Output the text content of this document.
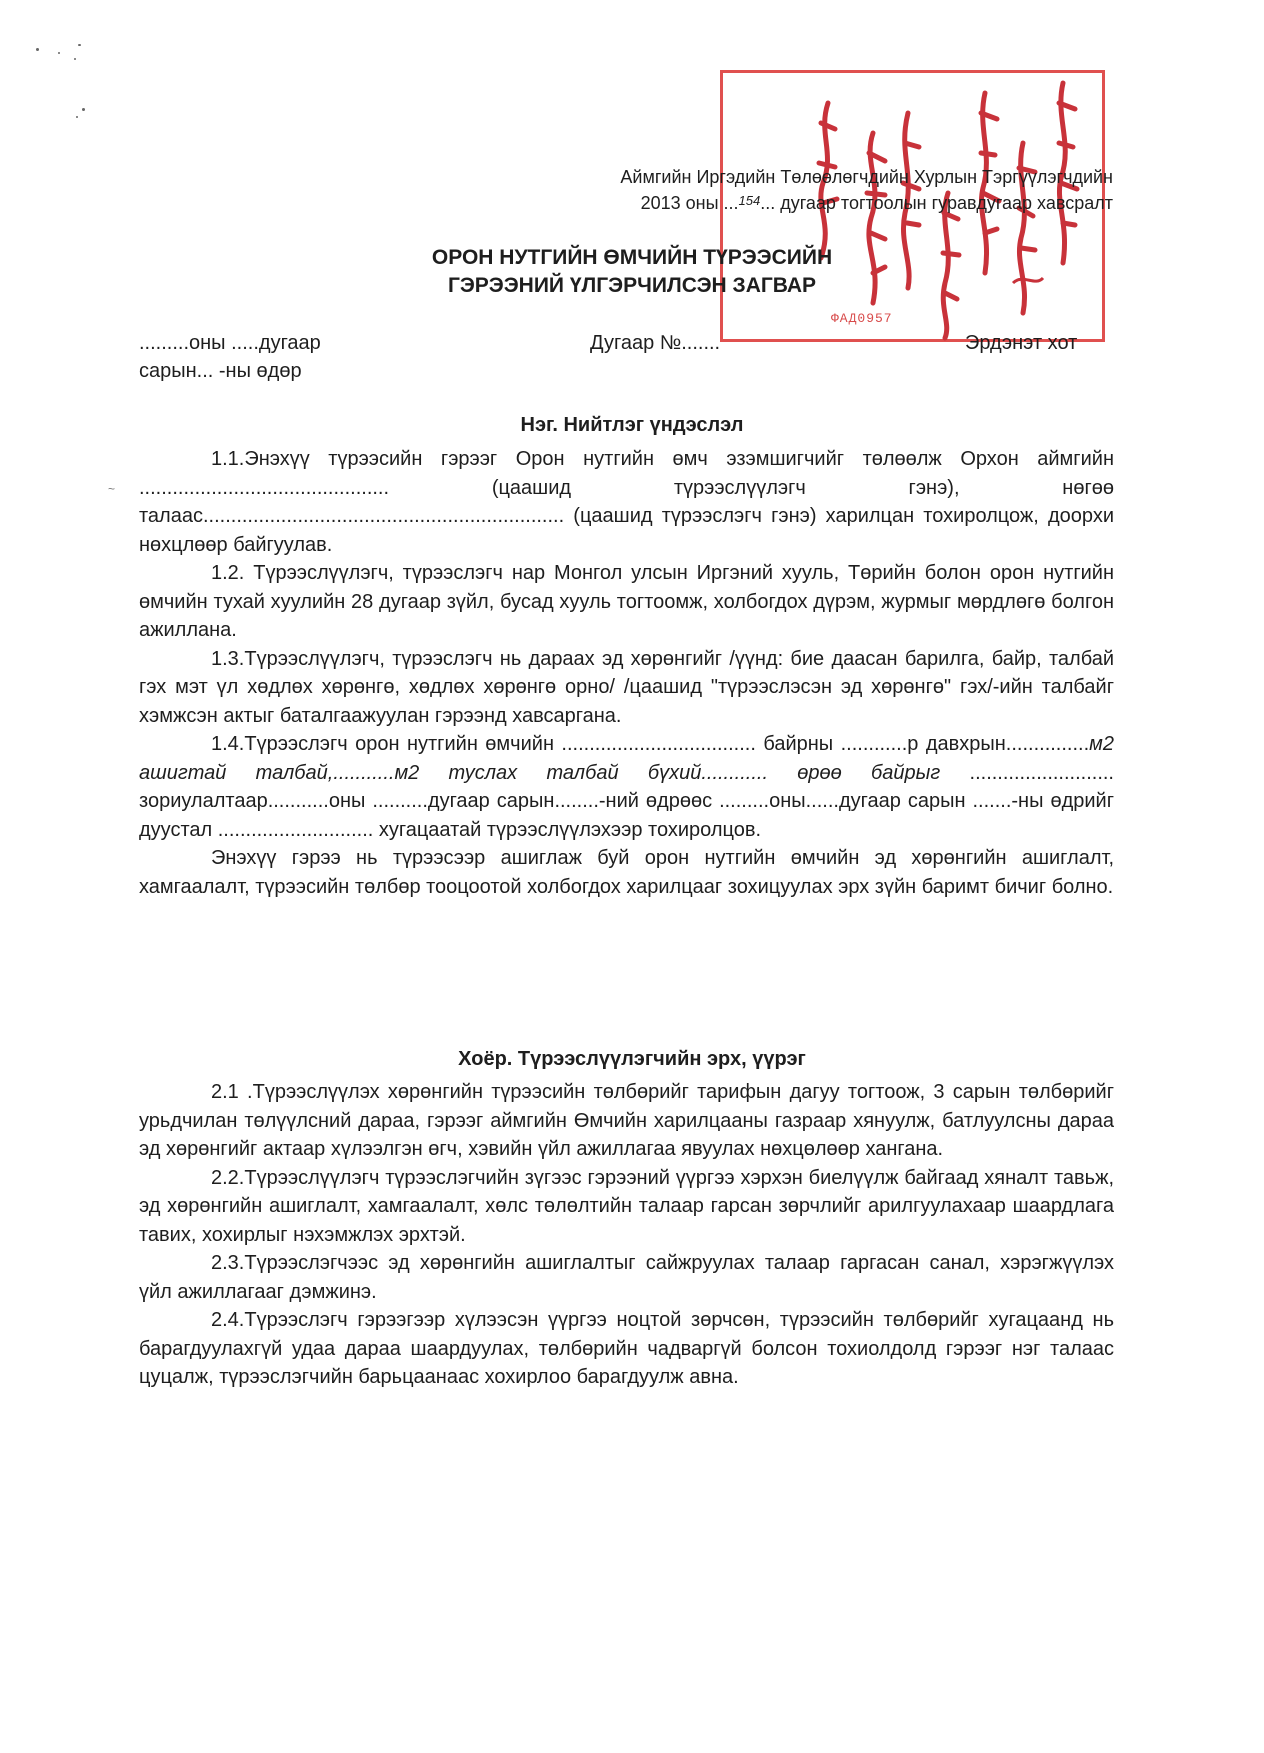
ФАД0957
Аймгийн Иргэдийн Төлөөлөгчдийн Хурлын Тэргүүлэгчдийн
2013 оны ...$^{154}$... дугаар тогтоолын гуравдугаар хавсралт
ОРОН НУТГИЙН ӨМЧИЙН ТҮРЭЭСИЙН
ГЭРЭЭНИЙ ҮЛГЭРЧИЛСЭН ЗАГВАР
.........оны .....дугаар
сарын... -ны өдөр
Дугаар №.......	Эрдэнэт хот
Нэг. Нийтлэг үндэслэл
~

1.1.Энэхүү түрээсийн гэрээг Орон нутгийн өмч эзэмшигчийг төлөөлж Орхон аймгийн ............................................. (цаашид түрээслүүлэгч гэнэ), нөгөө талаас................................................................. (цаашид түрээслэгч гэнэ) харилцан тохиролцож, доорхи нөхцлөөр байгуулав.

1.2. Түрээслүүлэгч, түрээслэгч нар Монгол улсын Иргэний хууль, Төрийн болон орон нутгийн өмчийн тухай хуулийн 28 дугаар зүйл, бусад хууль тогтоомж, холбогдох дүрэм, журмыг мөрдлөгө болгон ажиллана.

1.3.Түрээслүүлэгч, түрээслэгч нь дараах эд хөрөнгийг /үүнд: бие даасан барилга, байр, талбай гэх мэт үл хөдлөх хөрөнгө, хөдлөх хөрөнгө орно/ /цаашид "түрээслэсэн эд хөрөнгө" гэх/-ийн талбайг хэмжсэн актыг баталгаажуулан гэрээнд хавсаргана.

1.4.Түрээслэгч орон нутгийн өмчийн ................................... байрны ............р давхрын...............м2 ашигтай талбай,...........м2 туслах талбай бүхий............ өрөө байрыг .......................... зориулалтаар...........оны ..........дугаар сарын........-ний өдрөөс .........оны......дугаар сарын .......-ны өдрийг дуустал ............................ хугацаатай түрээслүүлэхээр тохиролцов.

Энэхүү гэрээ нь түрээсээр ашиглаж буй орон нутгийн өмчийн эд хөрөнгийн ашиглалт, хамгаалалт, түрээсийн төлбөр тооцоотой холбогдох харилцааг зохицуулах эрх зүйн баримт бичиг болно.

Хоёр. Түрээслүүлэгчийн эрх, үүрэг

2.1 .Түрээслүүлэх хөрөнгийн түрээсийн төлбөрийг тарифын дагуу тогтоож, 3 сарын төлбөрийг урьдчилан төлүүлсний дараа, гэрээг аймгийн Өмчийн харилцааны газраар хянуулж, батлуулсны дараа эд хөрөнгийг актаар хүлээлгэн өгч, хэвийн үйл ажиллагаа явуулах нөхцөлөөр хангана.

2.2.Түрээслүүлэгч түрээслэгчийн зүгээс гэрээний үүргээ хэрхэн биелүүлж байгаад хяналт тавьж, эд хөрөнгийн ашиглалт, хамгаалалт, хөлс төлөлтийн талаар гарсан зөрчлийг арилгуулахаар шаардлага тавих, хохирлыг нэхэмжлэх эрхтэй.

2.3.Түрээслэгчээс эд хөрөнгийн ашиглалтыг сайжруулах талаар гаргасан санал, хэрэгжүүлэх үйл ажиллагааг дэмжинэ.

2.4.Түрээслэгч гэрээгээр хүлээсэн үүргээ ноцтой зөрчсөн, түрээсийн төлбөрийг хугацаанд нь барагдуулахгүй удаа дараа шаардуулах, төлбөрийн чадваргүй болсон тохиолдолд гэрээг нэг талаас цуцалж, түрээслэгчийн барьцаанаас хохирлоо барагдуулж авна.
